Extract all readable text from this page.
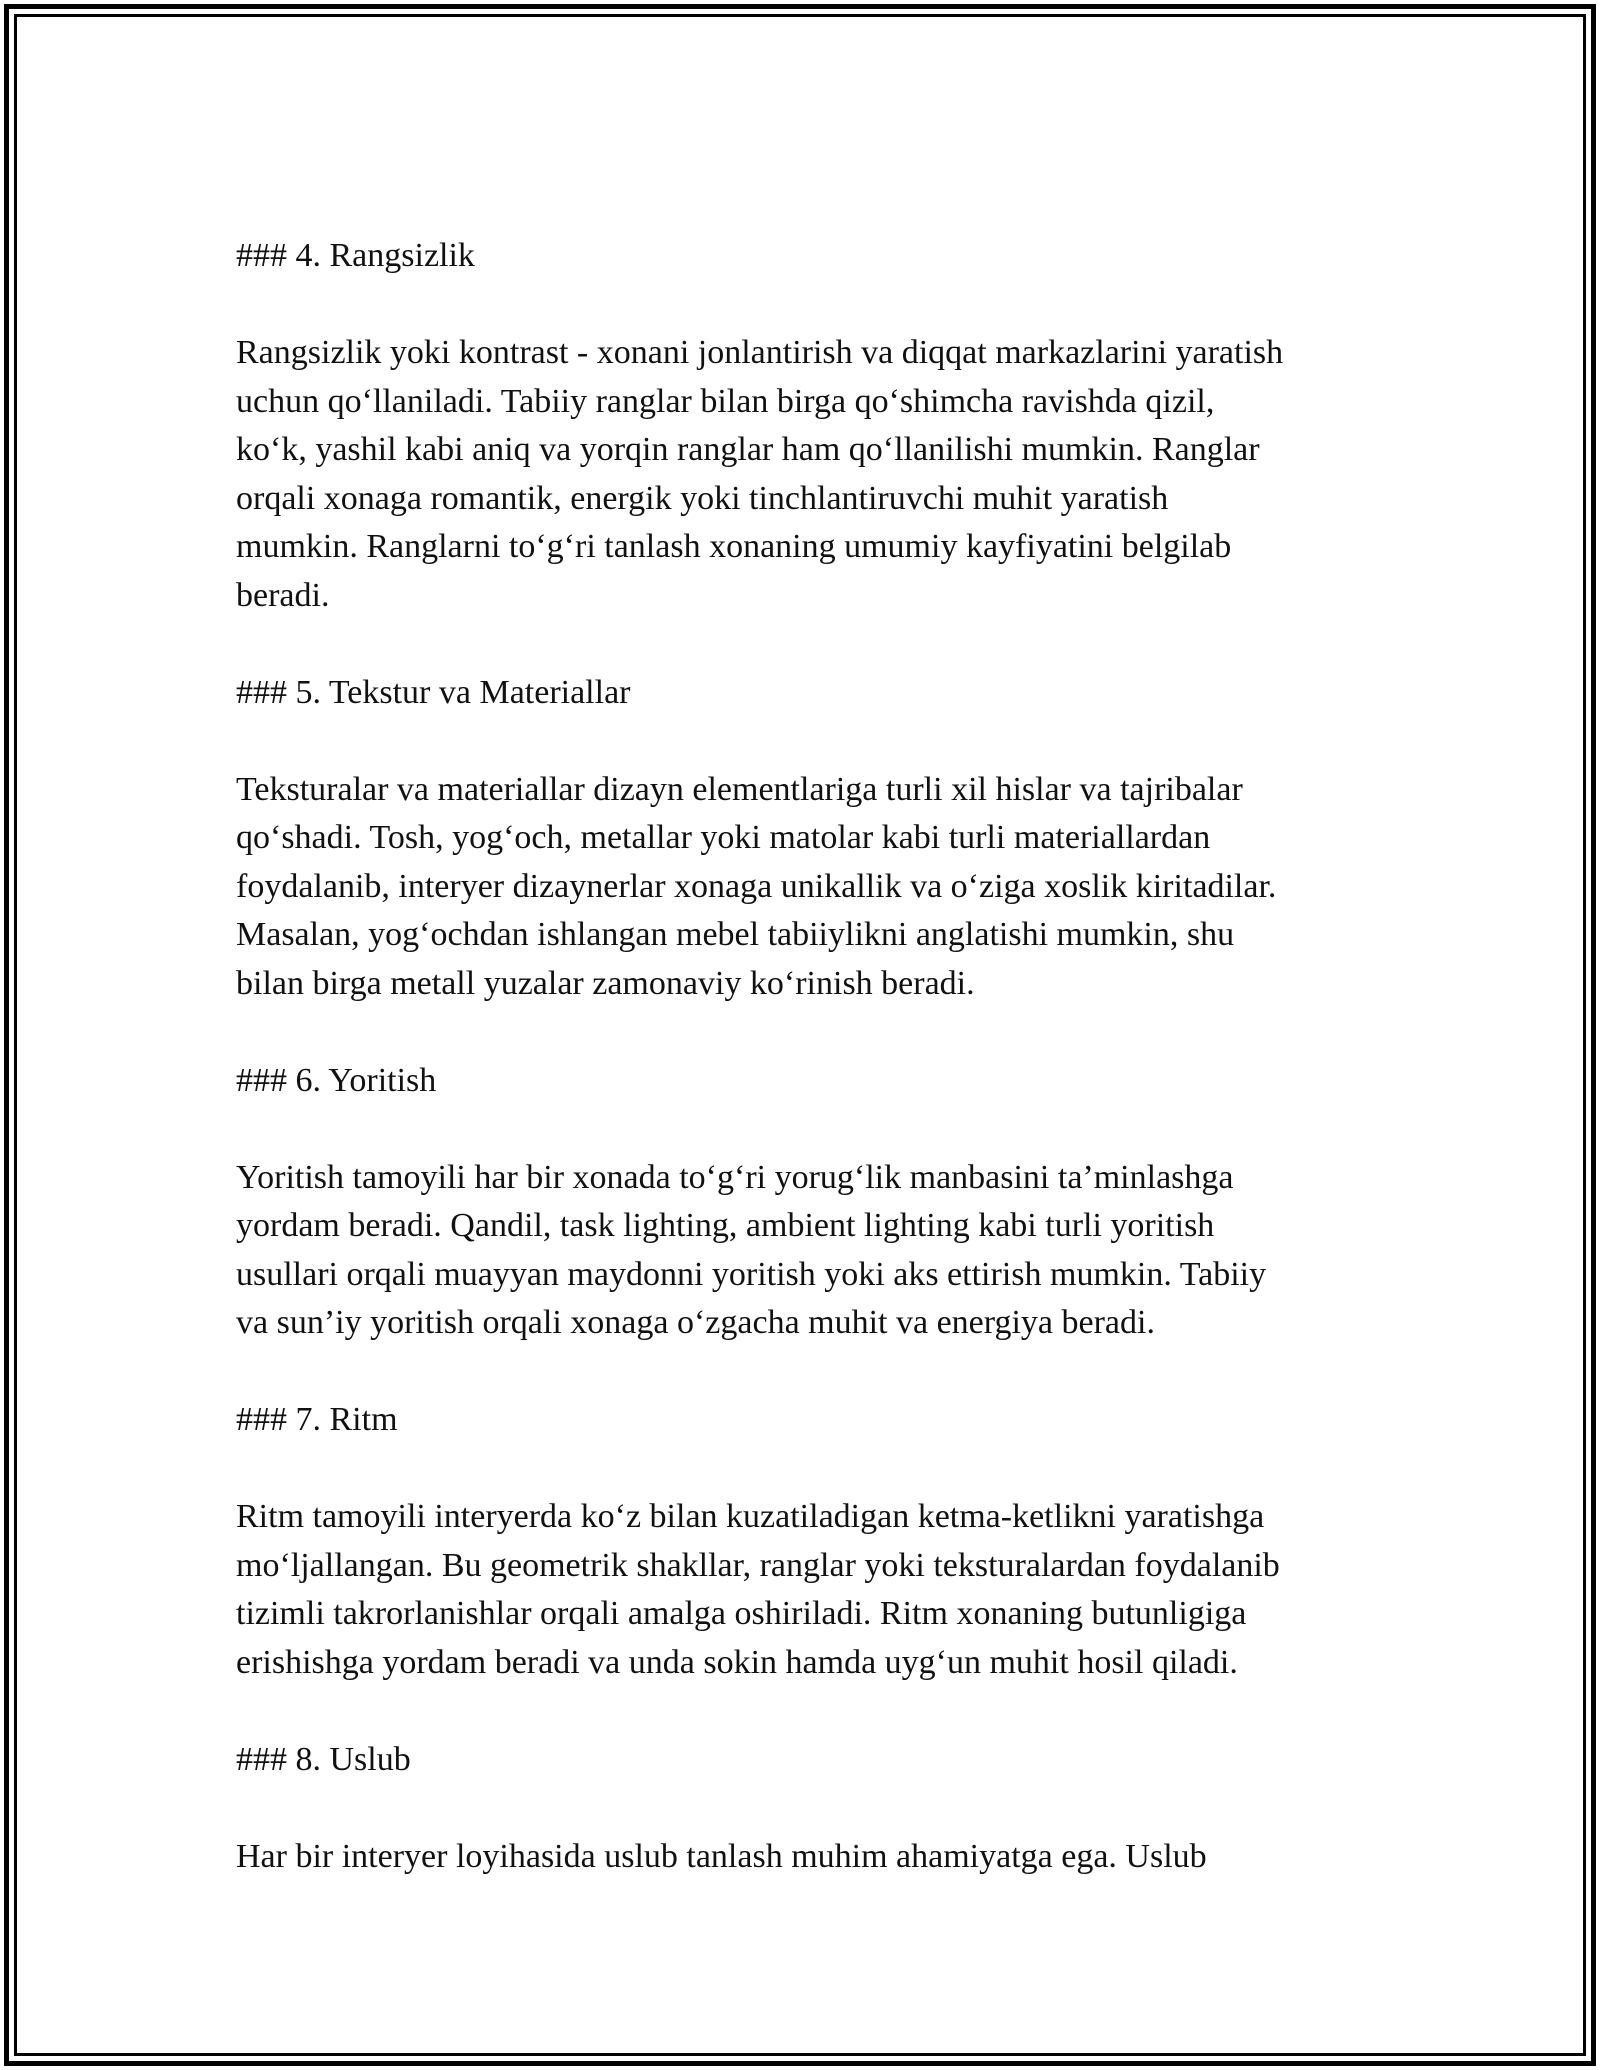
### 4. Rangsizlik

Rangsizlik yoki kontrast - xonani jonlantirish va diqqat markazlarini yaratish
uchun qo‘llaniladi. Tabiiy ranglar bilan birga qo‘shimcha ravishda qizil,
ko‘k, yashil kabi aniq va yorqin ranglar ham qo‘llanilishi mumkin. Ranglar
orqali xonaga romantik, energik yoki tinchlantiruvchi muhit yaratish
mumkin. Ranglarni to‘g‘ri tanlash xonaning umumiy kayfiyatini belgilab
beradi.

### 5. Tekstur va Materiallar

Teksturalar va materiallar dizayn elementlariga turli xil hislar va tajribalar
qo‘shadi. Tosh, yog‘och, metallar yoki matolar kabi turli materiallardan
foydalanib, interyer dizaynerlar xonaga unikallik va o‘ziga xoslik kiritadilar.
Masalan, yog‘ochdan ishlangan mebel tabiiylikni anglatishi mumkin, shu
bilan birga metall yuzalar zamonaviy ko‘rinish beradi.

### 6. Yoritish

Yoritish tamoyili har bir xonada to‘g‘ri yorug‘lik manbasini ta’minlashga
yordam beradi. Qandil, task lighting, ambient lighting kabi turli yoritish
usullari orqali muayyan maydonni yoritish yoki aks ettirish mumkin. Tabiiy
va sun’iy yoritish orqali xonaga o‘zgacha muhit va energiya beradi.

### 7. Ritm

Ritm tamoyili interyerda ko‘z bilan kuzatiladigan ketma-ketlikni yaratishga
mo‘ljallangan. Bu geometrik shakllar, ranglar yoki teksturalardan foydalanib
tizimli takrorlanishlar orqali amalga oshiriladi. Ritm xonaning butunligiga
erishishga yordam beradi va unda sokin hamda uyg‘un muhit hosil qiladi.

### 8. Uslub

Har bir interyer loyihasida uslub tanlash muhim ahamiyatga ega. Uslub
